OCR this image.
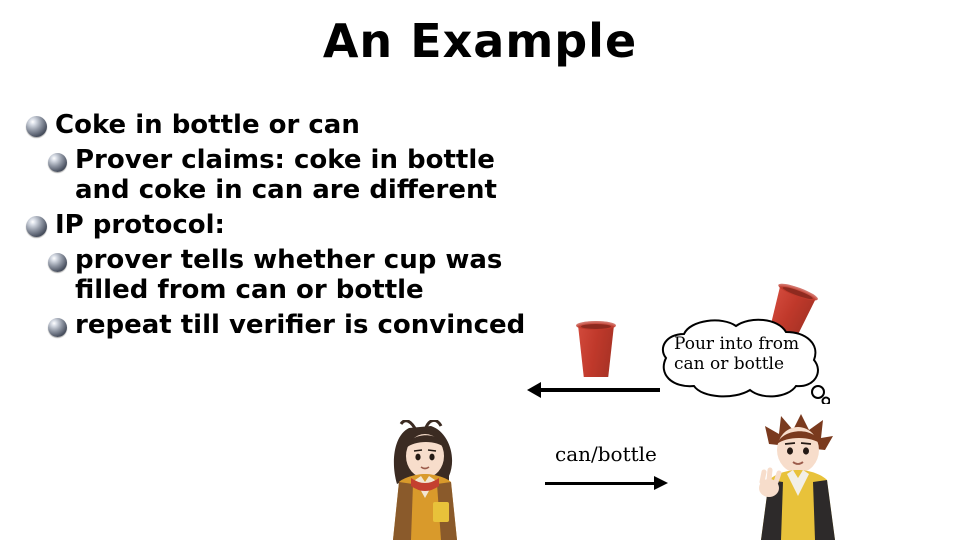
An Example
Coke in bottle or can
Prover claims: coke in bottle and coke in can are different
IP protocol:
prover tells whether cup was filled from can or bottle
repeat till verifier is convinced
Pour into from can or bottle
can/bottle
